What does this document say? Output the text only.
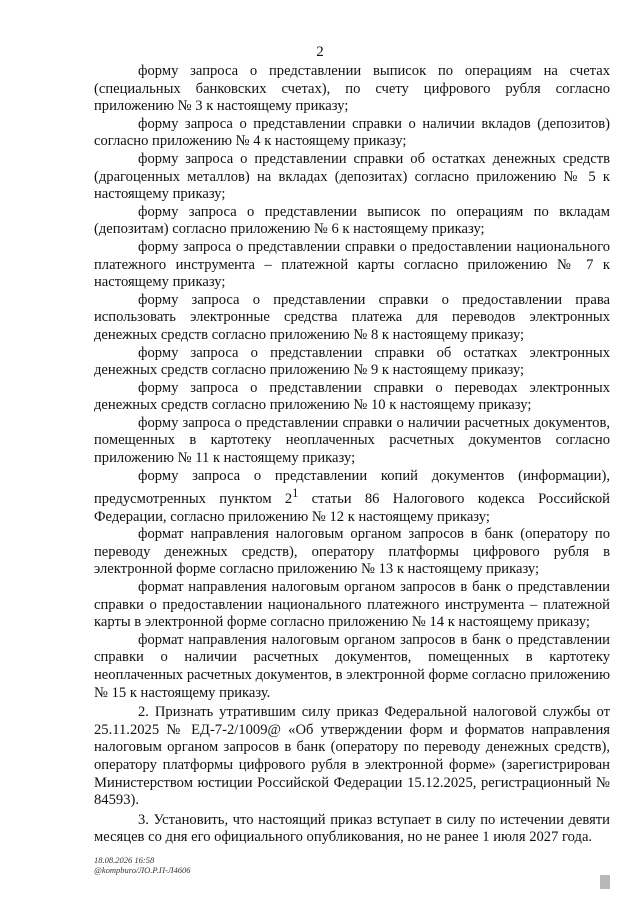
2

форму запроса о представлении выписок по операциям на счетах (специальных банковских счетах), по счету цифрового рубля согласно приложению № 3 к настоящему приказу;

форму запроса о представлении справки о наличии вкладов (депозитов) согласно приложению № 4 к настоящему приказу;

форму запроса о представлении справки об остатках денежных средств (драгоценных металлов) на вкладах (депозитах) согласно приложению № 5 к настоящему приказу;

форму запроса о представлении выписок по операциям по вкладам (депозитам) согласно приложению № 6 к настоящему приказу;

форму запроса о представлении справки о предоставлении национального платежного инструмента – платежной карты согласно приложению № 7 к настоящему приказу;

форму запроса о представлении справки о предоставлении права использовать электронные средства платежа для переводов электронных денежных средств согласно приложению № 8 к настоящему приказу;

форму запроса о представлении справки об остатках электронных денежных средств согласно приложению № 9 к настоящему приказу;

форму запроса о представлении справки о переводах электронных денежных средств согласно приложению № 10 к настоящему приказу;

форму запроса о представлении справки о наличии расчетных документов, помещенных в картотеку неоплаченных расчетных документов согласно приложению № 11 к настоящему приказу;

форму запроса о представлении копий документов (информации), предусмотренных пунктом $2^1$ статьи 86 Налогового кодекса Российской Федерации, согласно приложению № 12 к настоящему приказу;

формат направления налоговым органом запросов в банк (оператору по переводу денежных средств), оператору платформы цифрового рубля в электронной форме согласно приложению № 13 к настоящему приказу;

формат направления налоговым органом запросов в банк о представлении справки о предоставлении национального платежного инструмента – платежной карты в электронной форме согласно приложению № 14 к настоящему приказу;

формат направления налоговым органом запросов в банк о представлении справки о наличии расчетных документов, помещенных в картотеку неоплаченных расчетных документов, в электронной форме согласно приложению № 15 к настоящему приказу.

2. Признать утратившим силу приказ Федеральной налоговой службы от 25.11.2025 № ЕД-7-2/1009@ «Об утверждении форм и форматов направления налоговым органом запросов в банк (оператору по переводу денежных средств), оператору платформы цифрового рубля в электронной форме» (зарегистрирован Министерством юстиции Российской Федерации 15.12.2025, регистрационный № 84593).

3. Установить, что настоящий приказ вступает в силу по истечении девяти месяцев со дня его официального опубликования, но не ранее 1 июля 2027 года.

18.08.2026 16:58
@kompburo/ЛО.Р.П-Л4606
